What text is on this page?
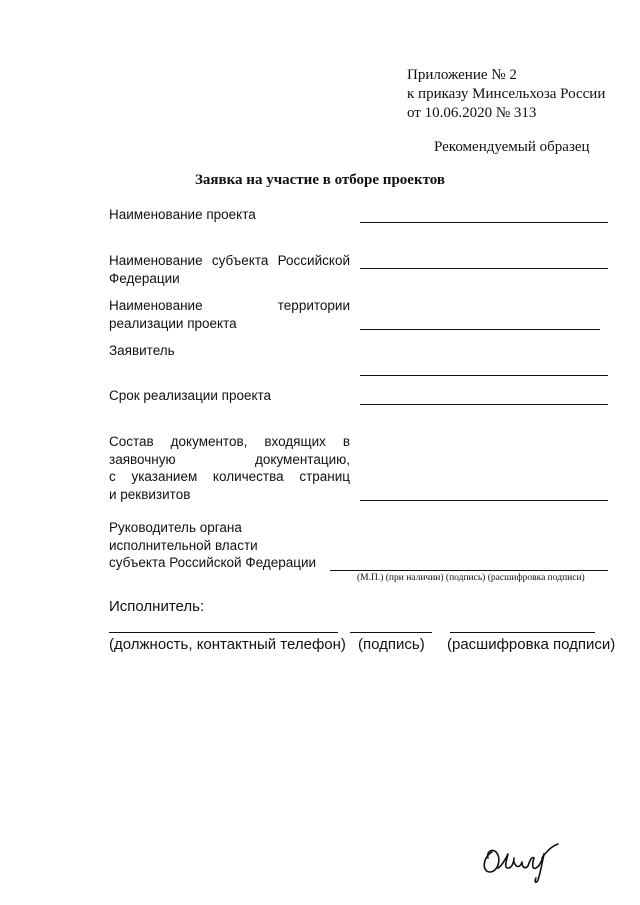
Приложение № 2
к приказу Минсельхоза России
от 10.06.2020 № 313
Рекомендуемый образец
Заявка на участие в отборе проектов
Наименование проекта
Наименование субъекта Российской
Федерации
Наименование	территории
реализации проекта
Заявитель
Срок реализации проекта
Состав документов, входящих в
заявочную документацию,
с указанием количества страниц
и реквизитов
Руководитель органа
исполнительной власти
субъекта Российской Федерации
(М.П.) (при наличии) (подпись) (расшифровка подписи)
Исполнитель:
(должность, контактный телефон) (подпись) (расшифровка подписи)
